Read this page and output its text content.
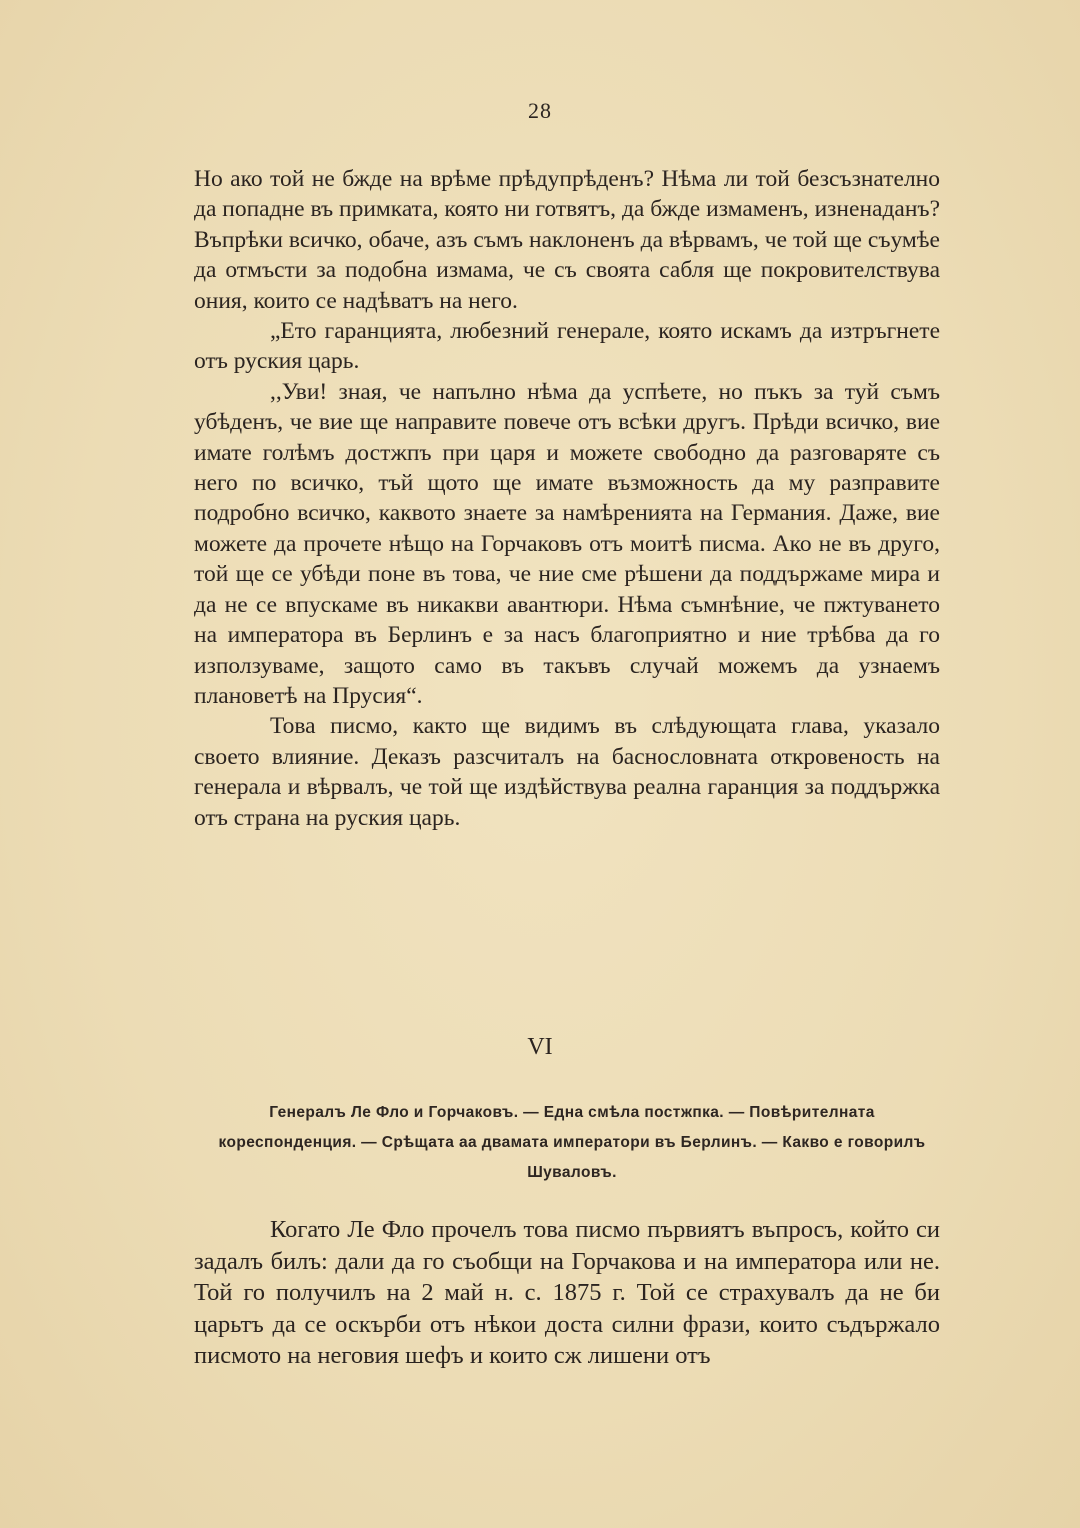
28

Но ако той не бжде на врѣме прѣдупрѣденъ? Нѣма ли той безсъзнателно да попадне въ примката, която ни готвятъ, да бжде измаменъ, изненаданъ? Въпрѣки всичко, обаче, азъ съмъ наклоненъ да вѣрвамъ, че той ще съумѣе да отмъсти за подобна измама, че съ своята сабля ще покровителствува ония, които се надѣватъ на него.

„Ето гаранцията, любезний генерале, която искамъ да изтръгнете отъ руския царь.

,,Уви! зная, че напълно нѣма да успѣете, но пъкъ за туй съмъ убѣденъ, че вие ще направите повече отъ всѣки другъ. Прѣди всичко, вие имате голѣмъ достжпъ при царя и можете свободно да разговаряте съ него по всичко, тъй щото ще имате възможность да му разправите подробно всичко, каквото знаете за намѣренията на Германия. Даже, вие можете да прочете нѣщо на Горчаковъ отъ моитѣ писма. Ако не въ друго, той ще се убѣди поне въ това, че ние сме рѣшени да поддържаме мира и да не се впускаме въ никакви авантюри. Нѣма съмнѣние, че пжтуването на императора въ Берлинъ е за насъ благоприятно и ние трѣбва да го използуваме, защото само въ такъвъ случай можемъ да узнаемъ плановетѣ на Прусия“.

Това писмо, както ще видимъ въ слѣдующата глава, указало своето влияние. Деказъ разсчиталъ на баснословната откровеность на генерала и вѣрвалъ, че той ще издѣйствува реална гаранция за поддържка отъ страна на руския царь.

VI
Генералъ Ле Фло и Горчаковъ. — Една смѣла постжпка. — Повѣрителната кореспонденция. — Срѣщата аа двамата императори въ Берлинъ. — Какво е говорилъ Шуваловъ.

Когато Ле Фло прочелъ това писмо първиятъ въпросъ, който си задалъ билъ: дали да го съобщи на Горчакова и на императора или не. Той го получилъ на 2 май н. с. 1875 г. Той се страхувалъ да не би царьтъ да се оскърби отъ нѣкои доста силни фрази, които съдържало писмото на неговия шефъ и които сж лишени отъ
